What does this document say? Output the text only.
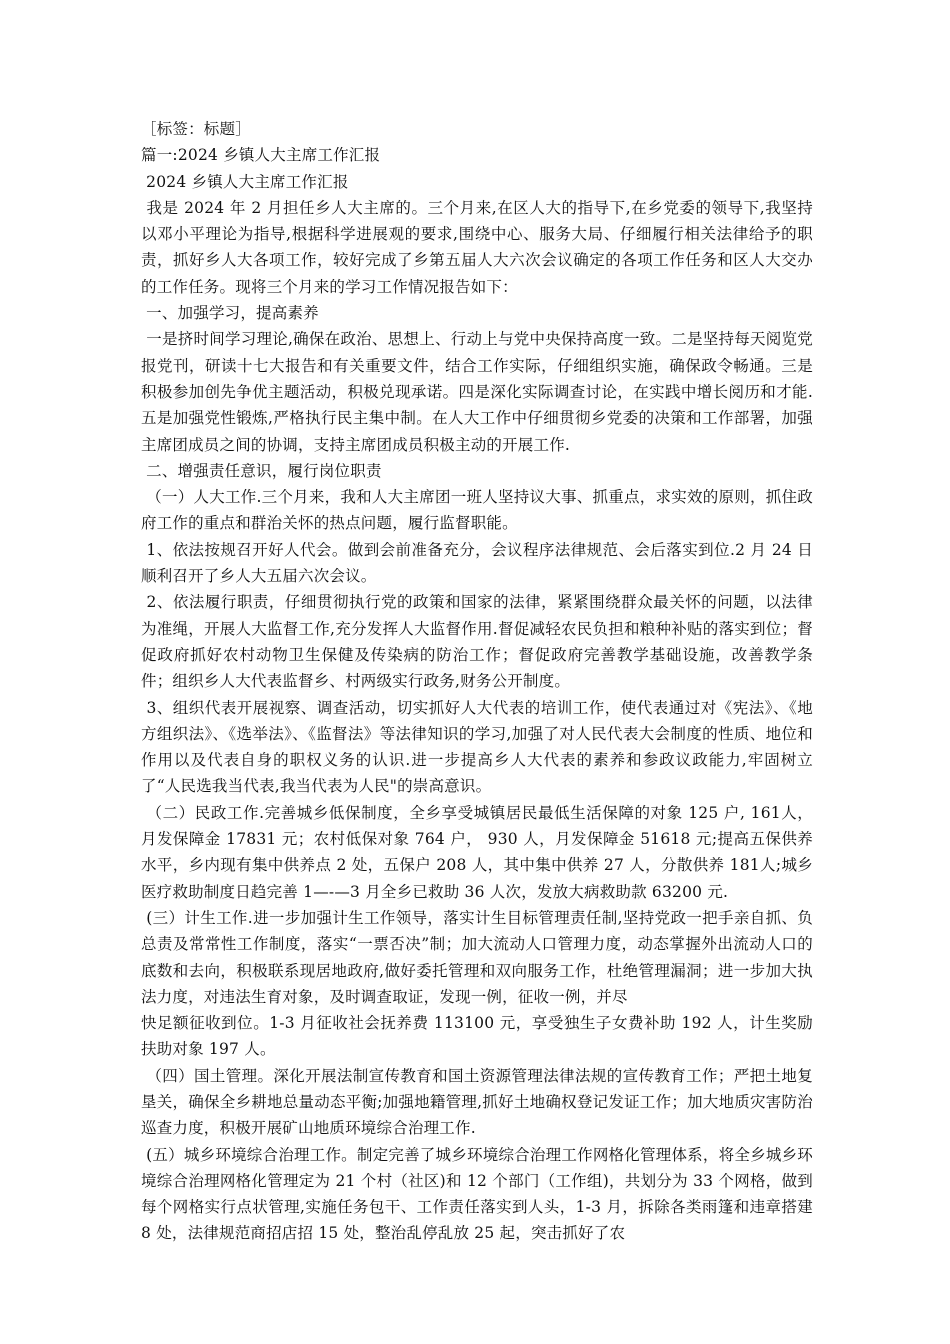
［标签：标题］

篇一:2024 乡镇人大主席工作汇报

2024 乡镇人大主席工作汇报

我是 2024 年 2 月担任乡人大主席的。三个月来,在区人大的指导下,在乡党委的领导下,我坚持以邓小平理论为指导,根据科学进展观的要求,围绕中心、服务大局、仔细履行相关法律给予的职责，抓好乡人大各项工作，较好完成了乡第五届人大六次会议确定的各项工作任务和区人大交办的工作任务。现将三个月来的学习工作情况报告如下：

一、加强学习，提高素养

一是挤时间学习理论,确保在政治、思想上、行动上与党中央保持高度一致。二是坚持每天阅览党报党刊，研读十七大报告和有关重要文件，结合工作实际，仔细组织实施，确保政令畅通。三是积极参加创先争优主题活动，积极兑现承诺。四是深化实际调查讨论，在实践中增长阅历和才能.五是加强党性锻炼,严格执行民主集中制。在人大工作中仔细贯彻乡党委的决策和工作部署，加强主席团成员之间的协调，支持主席团成员积极主动的开展工作.

二、增强责任意识，履行岗位职责

（一）人大工作.三个月来，我和人大主席团一班人坚持议大事、抓重点，求实效的原则，抓住政府工作的重点和群治关怀的热点问题，履行监督职能。

1、依法按规召开好人代会。做到会前准备充分，会议程序法律规范、会后落实到位.2 月 24 日顺利召开了乡人大五届六次会议。

2、依法履行职责，仔细贯彻执行党的政策和国家的法律，紧紧围绕群众最关怀的问题，以法律为准绳，开展人大监督工作,充分发挥人大监督作用.督促减轻农民负担和粮种补贴的落实到位；督促政府抓好农村动物卫生保健及传染病的防治工作；督促政府完善教学基础设施，改善教学条件；组织乡人大代表监督乡、村两级实行政务,财务公开制度。

3、组织代表开展视察、调查活动，切实抓好人大代表的培训工作，使代表通过对《宪法》、《地方组织法》、《选举法》、《监督法》等法律知识的学习,加强了对人民代表大会制度的性质、地位和作用以及代表自身的职权义务的认识.进一步提高乡人大代表的素养和参政议政能力,牢固树立了“人民选我当代表,我当代表为人民"的崇高意识。

（二）民政工作.完善城乡低保制度，全乡享受城镇居民最低生活保障的对象 125 户, 161人，月发保障金 17831 元；农村低保对象 764 户， 930 人，月发保障金 51618 元;提高五保供养水平，乡内现有集中供养点 2 处，五保户 208 人，其中集中供养 27 人，分散供养 181人;城乡医疗救助制度日趋完善 1—-—3 月全乡已救助 36 人次，发放大病救助款 63200 元.

(三）计生工作.进一步加强计生工作领导，落实计生目标管理责任制,坚持党政一把手亲自抓、负总责及常常性工作制度，落实“一票否决”制；加大流动人口管理力度，动态掌握外出流动人口的底数和去向，积极联系现居地政府,做好委托管理和双向服务工作，杜绝管理漏洞；进一步加大执法力度，对违法生育对象，及时调查取证，发现一例，征收一例，并尽

快足额征收到位。1-3 月征收社会抚养费 113100 元，享受独生子女费补助 192 人，计生奖励扶助对象 197 人。

（四）国土管理。深化开展法制宣传教育和国土资源管理法律法规的宣传教育工作；严把土地复垦关，确保全乡耕地总量动态平衡;加强地籍管理,抓好土地确权登记发证工作；加大地质灾害防治巡查力度，积极开展矿山地质环境综合治理工作.

(五）城乡环境综合治理工作。制定完善了城乡环境综合治理工作网格化管理体系，将全乡城乡环境综合治理网格化管理定为 21 个村（社区)和 12 个部门（工作组)，共划分为 33 个网格，做到每个网格实行点状管理,实施任务包干、工作责任落实到人头，1-3 月，拆除各类雨篷和违章搭建 8 处，法律规范商招店招 15 处，整治乱停乱放 25 起，突击抓好了农
